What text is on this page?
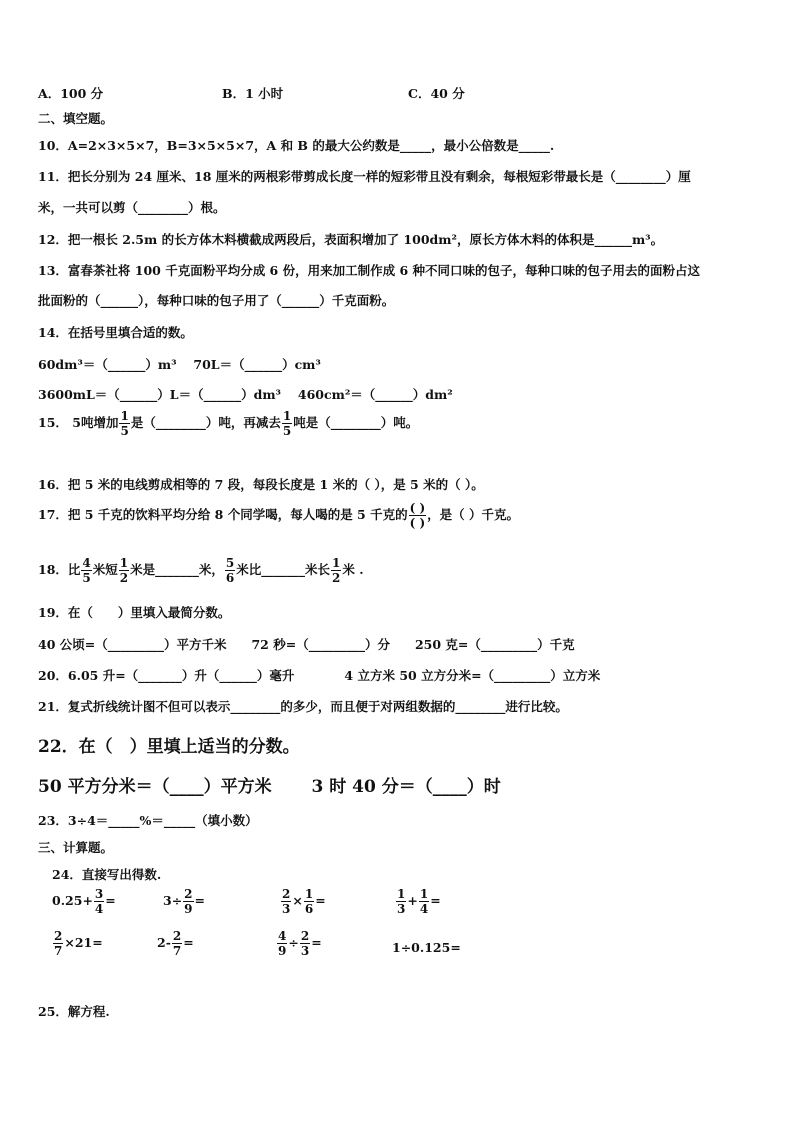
A．100 分	B．1 小时	C．40 分
二、填空题。
10．A=2×3×5×7，B=3×5×5×7，A 和 B 的最大公约数是_____，最小公倍数是_____.
11．把长分别为 24 厘米、18 厘米的两根彩带剪成长度一样的短彩带且没有剩余，每根短彩带最长是（________）厘
米，一共可以剪（________）根。
12．把一根长 2.5m 的长方体木料横截成两段后，表面积增加了 100dm²，原长方体木料的体积是______m³。
13．富春茶社将 100 千克面粉平均分成 6 份，用来加工制作成 6 种不同口味的包子，每种口味的包子用去的面粉占这
批面粉的（______），每种口味的包子用了（______）千克面粉。
14．在括号里填合适的数。
60dm³＝（______）m³　 70L＝（______）cm³
3600mL＝（______）L＝（______）dm³　 460cm²＝（______）dm²
15． 5吨增加 $\frac{1}{5}$ 是（________）吨，再减去 $\frac{1}{5}$ 吨是（________）吨。
16．把 5 米的电线剪成相等的 7 段，每段长度是 1 米的（ ），是 5 米的（ ）。
17．把 5 千克的饮料平均分给 8 个同学喝，每人喝的是 5 千克的 $\frac{( )}{( )}$ ，是（ ）千克。
18．比 $\frac{4}{5}$ 米短 $\frac{1}{2}$ 米是_______米， $\frac{5}{6}$ 米比_______米长 $\frac{1}{2}$ 米 .
19．在（　　）里填入最简分数。
40 公顷=（_________）平方千米　　72 秒=（_________）分　　250 克=（_________）千克
20．6.05 升=（_______）升（______）毫升　　　　4 立方米 50 立方分米=（_________）立方米
21．复式折线统计图不但可以表示________的多少，而且便于对两组数据的________进行比较。
22．在（　）里填上适当的分数。
50 平方分米＝（____）平方米　　 3 时 40 分＝（____）时
23．3÷4＝_____%＝_____（填小数）
三、计算题。
24．直接写出得数.
$0.25+ \frac{3}{4}$ =	$3\div \frac{2}{9}$ =	$\frac{2}{3} \times \frac{1}{6}$ =	$\frac{1}{3} + \frac{1}{4}$ =
$\frac{2}{7} \times 21=$	$2- \frac{2}{7}$ =	$\frac{4}{9} \div \frac{2}{3}$ =	1÷0.125=
25．解方程.
